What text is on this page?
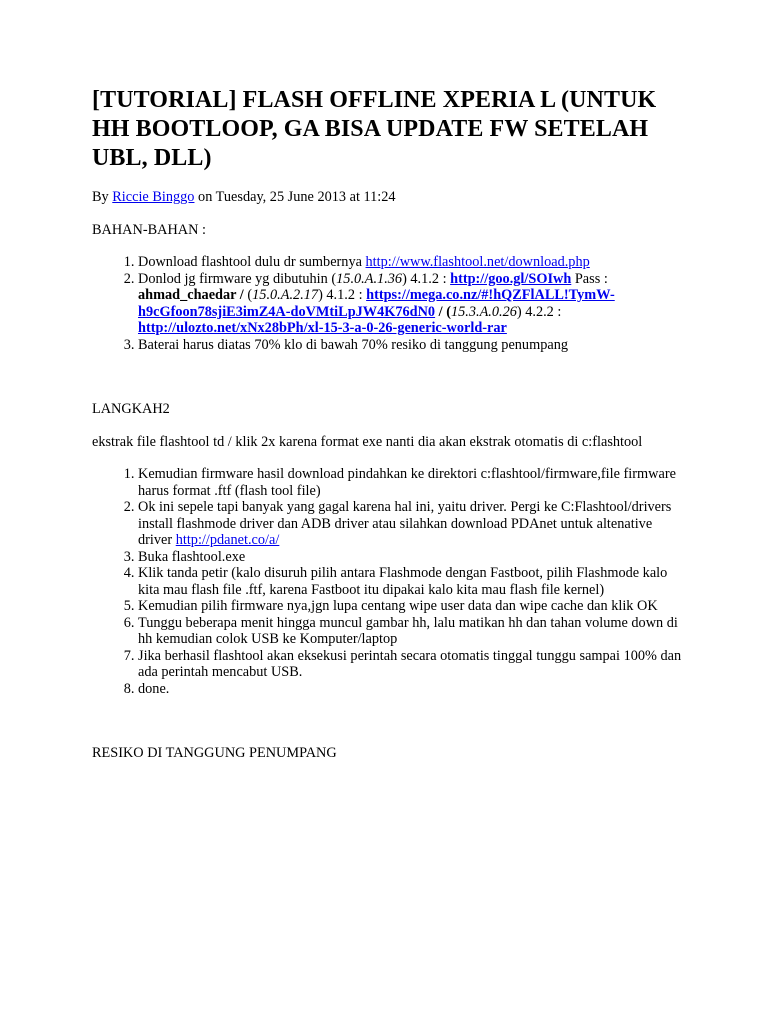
[TUTORIAL] FLASH OFFLINE XPERIA L (UNTUK HH BOOTLOOP, GA BISA UPDATE FW SETELAH UBL, DLL)

By Riccie Binggo on Tuesday, 25 June 2013 at 11:24

BAHAN-BAHAN :

1. Download flashtool dulu dr sumbernya http://www.flashtool.net/download.php
2. Donlod jg firmware yg dibutuhin (15.0.A.1.36) 4.1.2 : http://goo.gl/SOIwh Pass : ahmad_chaedar / (15.0.A.2.17) 4.1.2 : https://mega.co.nz/#!hQZFlALL!TymW-h9cGfoon78sjiE3imZ4A-doVMtiLpJW4K76dN0 / (15.3.A.0.26) 4.2.2 : http://ulozto.net/xNx28bPh/xl-15-3-a-0-26-generic-world-rar
3. Baterai harus diatas 70% klo di bawah 70% resiko di tanggung penumpang

LANGKAH2

ekstrak file flashtool td / klik 2x karena format exe nanti dia akan ekstrak otomatis di c:flashtool

1. Kemudian firmware hasil download pindahkan ke direktori c:flashtool/firmware,file firmware harus format .ftf (flash tool file)
2. Ok ini sepele tapi banyak yang gagal karena hal ini, yaitu driver. Pergi ke C:Flashtool/drivers install flashmode driver dan ADB driver atau silahkan download PDAnet untuk altenative driver http://pdanet.co/a/
3. Buka flashtool.exe
4. Klik tanda petir (kalo disuruh pilih antara Flashmode dengan Fastboot, pilih Flashmode kalo kita mau flash file .ftf, karena Fastboot itu dipakai kalo kita mau flash file kernel)
5. Kemudian pilih firmware nya,jgn lupa centang wipe user data dan wipe cache dan klik OK
6. Tunggu beberapa menit hingga muncul gambar hh, lalu matikan hh dan tahan volume down di hh kemudian colok USB ke Komputer/laptop
7. Jika berhasil flashtool akan eksekusi perintah secara otomatis tinggal tunggu sampai 100% dan ada perintah mencabut USB.
8. done.

RESIKO DI TANGGUNG PENUMPANG
